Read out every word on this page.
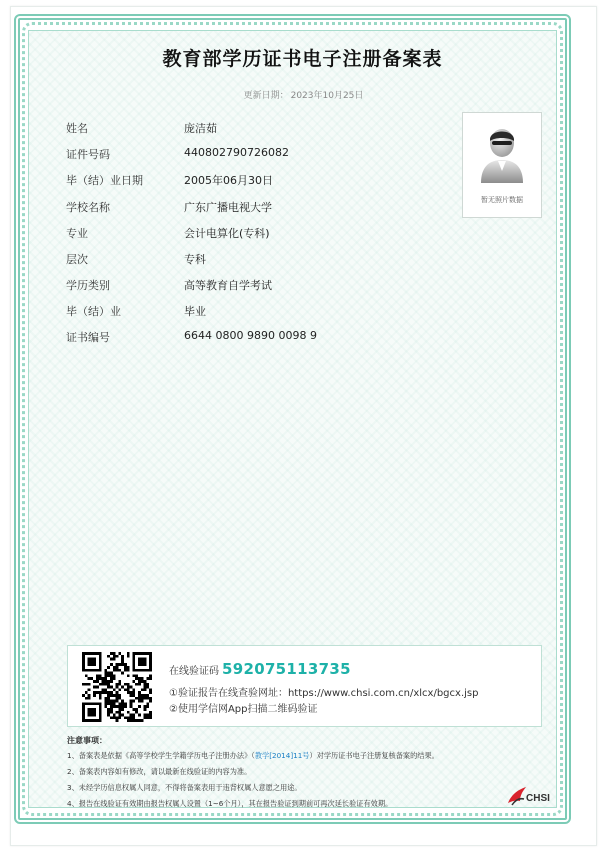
教育部学历证书电子注册备案表
更新日期： 2023年10月25日
姓名	庞洁茹
证件号码	440802790726082
毕（结）业日期	2005年06月30日
学校名称	广东广播电视大学
专业	会计电算化(专科)
层次	专科
学历类别	高等教育自学考试
毕（结）业	毕业
证书编号	6644 0800 9890 0098 9
暂无照片数据
在线验证码 592075113735
①验证报告在线查验网址：https://www.chsi.com.cn/xlcx/bgcx.jsp
②使用学信网App扫描二维码验证
注意事项：
1、备案表是依据《高等学校学生学籍学历电子注册办法》（教学[2014]11号）对学历证书电子注册复核备案的结果。
2、备案表内容如有修改，请以最新在线验证的内容为准。
3、未经学历信息权属人同意，不得将备案表用于违背权属人意愿之用途。
4、报告在线验证有效期由报告权属人设置（1~6个月），其在报告验证到期前可再次延长验证有效期。	CHSI
